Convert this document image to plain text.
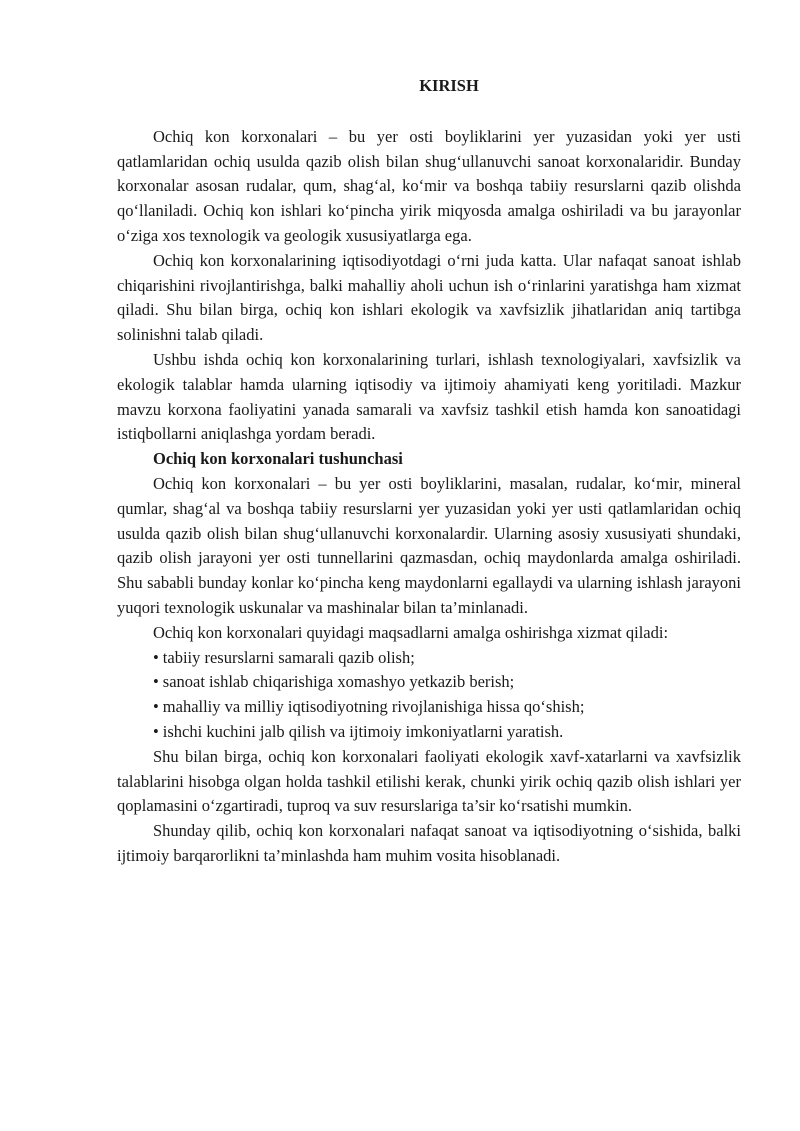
KIRISH

Ochiq kon korxonalari – bu yer osti boyliklarini yer yuzasidan yoki yer usti qatlamlaridan ochiq usulda qazib olish bilan shug‘ullanuvchi sanoat korxonalaridir. Bunday korxonalar asosan rudalar, qum, shag‘al, ko‘mir va boshqa tabiiy resurslarni qazib olishda qo‘llaniladi. Ochiq kon ishlari ko‘pincha yirik miqyosda amalga oshiriladi va bu jarayonlar o‘ziga xos texnologik va geologik xususiyatlarga ega.

Ochiq kon korxonalarining iqtisodiyotdagi o‘rni juda katta. Ular nafaqat sanoat ishlab chiqarishini rivojlantirishga, balki mahalliy aholi uchun ish o‘rinlarini yaratishga ham xizmat qiladi. Shu bilan birga, ochiq kon ishlari ekologik va xavfsizlik jihatlaridan aniq tartibga solinishni talab qiladi.

Ushbu ishda ochiq kon korxonalarining turlari, ishlash texnologiyalari, xavfsizlik va ekologik talablar hamda ularning iqtisodiy va ijtimoiy ahamiyati keng yoritiladi. Mazkur mavzu korxona faoliyatini yanada samarali va xavfsiz tashkil etish hamda kon sanoatidagi istiqbollarni aniqlashga yordam beradi.

Ochiq kon korxonalari tushunchasi

Ochiq kon korxonalari – bu yer osti boyliklarini, masalan, rudalar, ko‘mir, mineral qumlar, shag‘al va boshqa tabiiy resurslarni yer yuzasidan yoki yer usti qatlamlaridan ochiq usulda qazib olish bilan shug‘ullanuvchi korxonalardir. Ularning asosiy xususiyati shundaki, qazib olish jarayoni yer osti tunnellarini qazmasdan, ochiq maydonlarda amalga oshiriladi. Shu sababli bunday konlar ko‘pincha keng maydonlarni egallaydi va ularning ishlash jarayoni yuqori texnologik uskunalar va mashinalar bilan ta’minlanadi.

Ochiq kon korxonalari quyidagi maqsadlarni amalga oshirishga xizmat qiladi:

• tabiiy resurslarni samarali qazib olish;

• sanoat ishlab chiqarishiga xomashyo yetkazib berish;

• mahalliy va milliy iqtisodiyotning rivojlanishiga hissa qo‘shish;

• ishchi kuchini jalb qilish va ijtimoiy imkoniyatlarni yaratish.

Shu bilan birga, ochiq kon korxonalari faoliyati ekologik xavf-xatarlarni va xavfsizlik talablarini hisobga olgan holda tashkil etilishi kerak, chunki yirik ochiq qazib olish ishlari yer qoplamasini o‘zgartiradi, tuproq va suv resurslariga ta’sir ko‘rsatishi mumkin.

Shunday qilib, ochiq kon korxonalari nafaqat sanoat va iqtisodiyotning o‘sishida, balki ijtimoiy barqarorlikni ta’minlashda ham muhim vosita hisoblanadi.
